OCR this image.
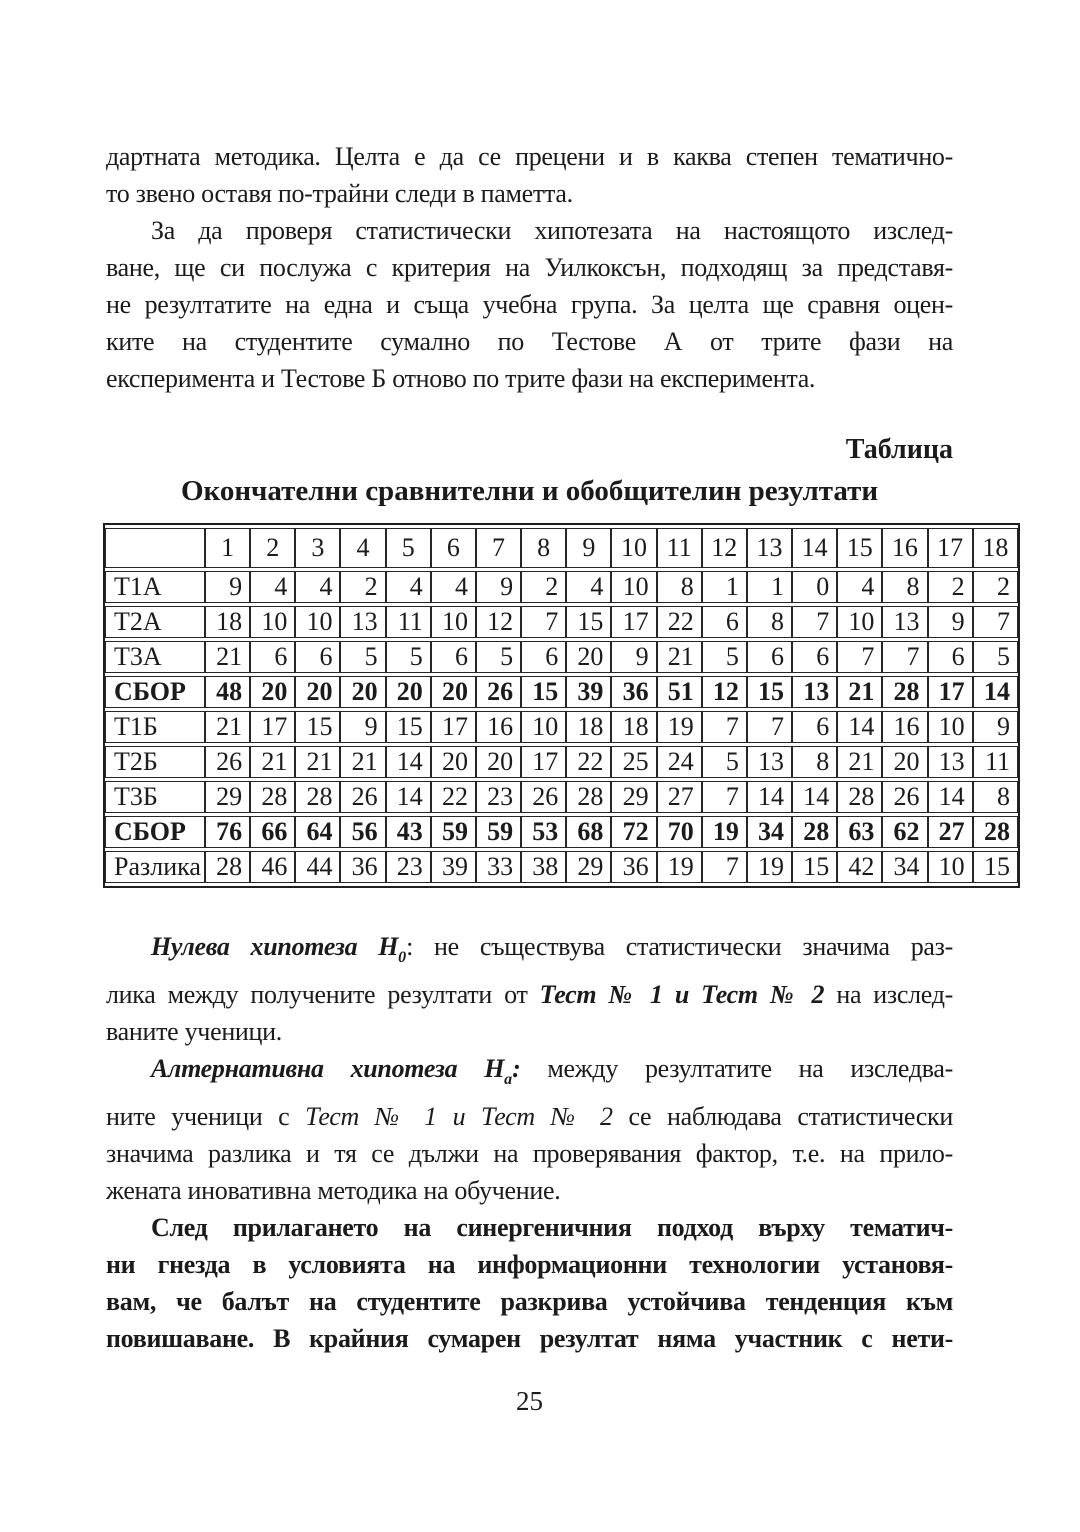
дартната методика. Целта е да се прецени и в каква степен тематично-
то звено оставя по-трайни следи в паметта.
За да проверя статистически хипотезата на настоящото изслед-
ване, ще си послужа с критерия на Уилкоксън, подходящ за представя-
не резултатите на една и съща учебна група. За целта ще сравня оцен-
ките на студентите сумално по Тестове А от трите фази на
експеримента и Тестове Б отново по трите фази на експеримента.
Таблица
Окончателни сравнителни и обобщителин резултати
	1	2	3	4	5	6	7	8	9	10	11	12	13	14	15	16	17	18
Т1А	9	4	4	2	4	4	9	2	4	10	8	1	1	0	4	8	2	2
Т2А	18	10	10	13	11	10	12	7	15	17	22	6	8	7	10	13	9	7
Т3А	21	6	6	5	5	6	5	6	20	9	21	5	6	6	7	7	6	5
СБОР	48	20	20	20	20	20	26	15	39	36	51	12	15	13	21	28	17	14
Т1Б	21	17	15	9	15	17	16	10	18	18	19	7	7	6	14	16	10	9
Т2Б	26	21	21	21	14	20	20	17	22	25	24	5	13	8	21	20	13	11
Т3Б	29	28	28	26	14	22	23	26	28	29	27	7	14	14	28	26	14	8
СБОР	76	66	64	56	43	59	59	53	68	72	70	19	34	28	63	62	27	28
Разлика	28	46	44	36	23	39	33	38	29	36	19	7	19	15	42	34	10	15
Нулева хипотеза $Н_0$: не съществува статистически значима раз-
лика между получените резултати от Тест № 1 и Тест № 2 на изслед-
ваните ученици.
Алтернативна хипотеза $Н_а$: между резултатите на изследва-
ните ученици с Тест № 1 и Тест № 2 се наблюдава статистически
значима разлика и тя се дължи на проверявания фактор, т.е. на прило-
жената иновативна методика на обучение.
След прилагането на синергеничния подход върху тематич-
ни гнезда в условията на информационни технологии установя-
вам, че балът на студентите разкрива устойчива тенденция към
повишаване. В крайния сумарен резултат няма участник с нети-
25
